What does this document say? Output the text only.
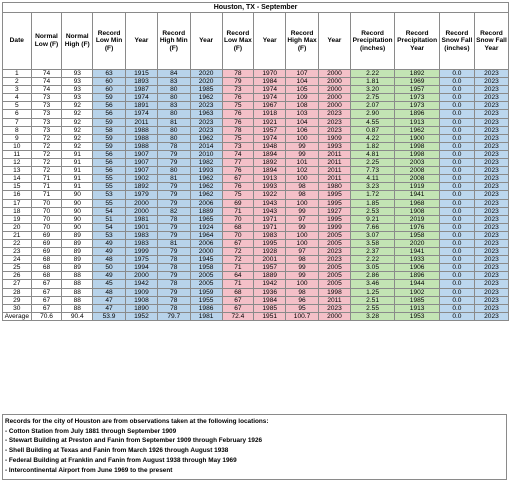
Houston, TX - September														
Date	Normal Low (F)	Normal High (F)	Record Low Min (F)	Year	Record High Min (F)	Year	Record Low Max (F)	Year	Record High Max (F)	Year	Record Precipitation (inches)	Record Precipitation Year	Record Snow Fall (inches)	Record Snow Fall Year
1	74	93	63	1915	84	2020	78	1970	107	2000	2.22	1892	0.0	2023
2	74	93	60	1893	83	2020	79	1984	104	2000	1.81	1969	0.0	2023
3	74	93	60	1987	80	1985	73	1974	105	2000	3.20	1957	0.0	2023
4	73	93	59	1974	80	1962	76	1974	109	2000	2.75	1973	0.0	2023
5	73	92	56	1891	83	2023	75	1967	108	2000	2.07	1973	0.0	2023
6	73	92	56	1974	80	1963	76	1918	103	2023	2.90	1896	0.0	2023
7	73	92	59	2011	81	2023	76	1921	104	2023	4.55	1913	0.0	2023
8	73	92	58	1988	80	2023	78	1957	106	2023	0.87	1962	0.0	2023
9	72	92	59	1988	80	1962	75	1974	100	1909	4.22	1900	0.0	2023
10	72	92	59	1988	78	2014	73	1948	99	1993	1.82	1998	0.0	2023
11	72	91	56	1907	79	2010	74	1894	99	2011	4.81	1998	0.0	2023
12	72	91	56	1907	79	1982	77	1892	101	2011	2.25	2003	0.0	2023
13	72	91	56	1907	80	1993	76	1894	102	2011	7.73	2008	0.0	2023
14	71	91	55	1902	81	1962	67	1913	100	2011	4.11	2008	0.0	2023
15	71	91	55	1892	79	1962	76	1993	98	1980	3.23	1919	0.0	2023
16	71	90	53	1979	79	1962	75	1922	98	1995	1.72	1941	0.0	2023
17	70	90	55	2000	79	2006	69	1943	100	1995	1.85	1968	0.0	2023
18	70	90	54	2000	82	1889	71	1943	99	1927	2.53	1908	0.0	2023
19	70	90	51	1981	78	1965	70	1971	97	1995	9.21	2019	0.0	2023
20	70	90	54	1901	79	1924	68	1971	99	1999	7.66	1976	0.0	2023
21	69	89	53	1983	79	1964	70	1983	100	2005	3.07	1958	0.0	2023
22	69	89	49	1983	81	2006	67	1995	100	2005	3.58	2020	0.0	2023
23	69	89	49	1999	79	2000	72	1928	97	2023	2.37	1941	0.0	2023
24	68	89	48	1975	78	1945	72	2001	98	2023	2.22	1933	0.0	2023
25	68	89	50	1994	78	1958	71	1957	99	2005	3.05	1906	0.0	2023
26	68	88	49	2000	79	2005	64	1889	99	2005	2.86	1896	0.0	2023
27	67	88	45	1942	78	2005	71	1942	100	2005	3.46	1944	0.0	2023
28	67	88	48	1909	79	1959	68	1936	98	1998	1.25	1902	0.0	2023
29	67	88	47	1908	78	1955	67	1984	96	2011	2.51	1985	0.0	2023
30	67	88	47	1890	78	1986	67	1985	95	2023	2.55	1913	0.0	2023
Average	70.6	90.4	53.9	1952	79.7	1981	72.4	1951	100.7	2000	3.28	1953	0.0	2023
Records for the city of Houston are from observations taken at the following locations:
- Cotton Station from July 1881 through September 1909
- Stewart Building at Preston and Fanin from September 1909 through February 1926
- Shell Building at Texas and Fanin from March 1926 through August 1938
- Federal Building at Franklin and Fanin from August 1938 through May 1969
- Intercontinental Airport from June 1969 to the present
